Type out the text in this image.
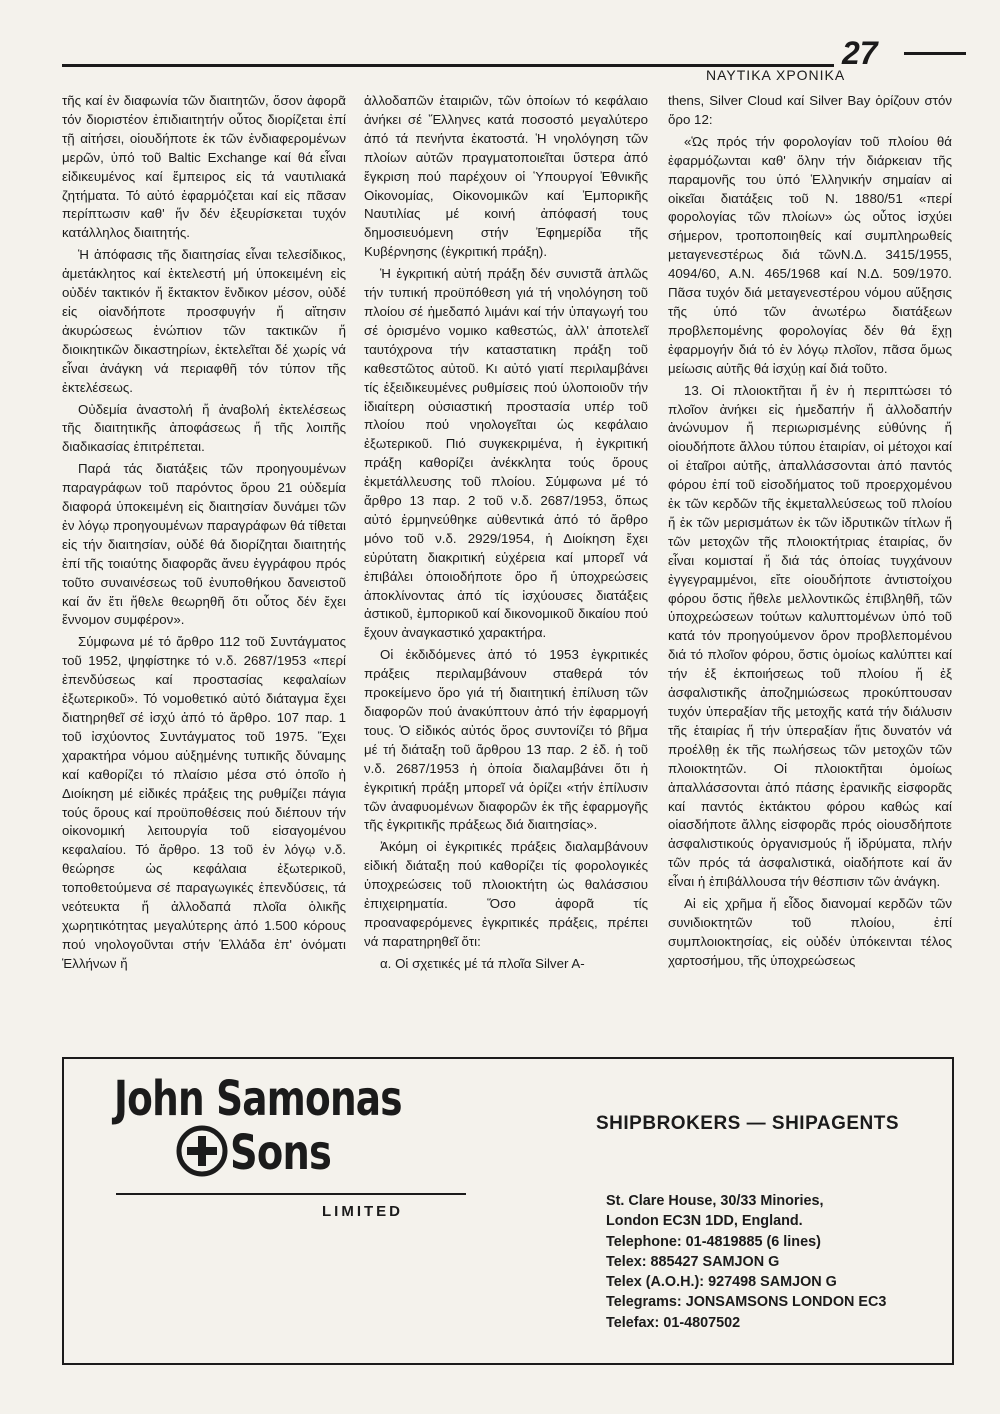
ΝΑΥΤΙΚΑ ΧΡΟΝΙΚΑ
27

τῆς καί ἐν διαφωνία τῶν διαιτητῶν, ὅσον ἀφορᾶ τόν διοριστέον ἐπιδιαιτητήν οὗτος διορίζεται ἐπί τῇ αἰτήσει, οἱουδήποτε ἐκ τῶν ἐνδιαφερομένων μερῶν, ὑπό τοῦ Baltic Exchange καί θά εἶναι εἰδικευμένος καί ἔμπειρος εἰς τά ναυτιλιακά ζητήματα. Τό αὐτό ἐφαρμόζεται καί εἰς πᾶσαν περίπτωσιν καθ' ἥν δέν ἐξευρίσκεται τυχόν κατάλληλος διαιτητής.

Ἡ ἀπόφασις τῆς διαιτησίας εἶναι τελεσίδικος, ἀμετάκλητος καί ἐκτελεστή μή ὑποκειμένη εἰς οὐδέν τακτικόν ἤ ἔκτακτον ἔνδικον μέσον, οὐδέ εἰς οἱανδήποτε προσφυγήν ἤ αἴτησιν ἀκυρώσεως ἐνώπιον τῶν τακτικῶν ἤ διοικητικῶν δικαστηρίων, ἐκτελεῖται δέ χωρίς νά εἶναι ἀνάγκη νά περιαφθῆ τόν τύπον τῆς ἐκτελέσεως.

Οὐδεμία ἀναστολή ἤ ἀναβολή ἐκτελέσεως τῆς διαιτητικῆς ἀποφάσεως ἤ τῆς λοιπῆς διαδικασίας ἐπιτρέπεται.

Παρά τάς διατάξεις τῶν προηγουμένων παραγράφων τοῦ παρόντος ὅρου 21 οὐδεμία διαφορά ὑποκειμένη εἰς διαιτησίαν δυνάμει τῶν ἐν λόγῳ προηγουμένων παραγράφων θά τίθεται εἰς τήν διαιτησίαν, οὐδέ θά διορίζηται διαιτητής ἐπί τῆς τοιαύτης διαφορᾶς ἄνευ ἐγγράφου πρός τοῦτο συναινέσεως τοῦ ἐνυποθήκου δανειστοῦ καί ἄν ἔτι ἤθελε θεωρηθῆ ὅτι οὗτος δέν ἔχει ἔννομον συμφέρον».

Σύμφωνα μέ τό ἄρθρο 112 τοῦ Συντάγματος τοῦ 1952, ψηφίστηκε τό ν.δ. 2687/1953 «περί ἐπενδύσεως καί προστασίας κεφαλαίων ἐξωτερικοῦ». Τό νομοθετικό αὐτό διάταγμα ἔχει διατηρηθεῖ σέ ἰσχύ ἀπό τό ἄρθρο. 107 παρ. 1 τοῦ ἰσχύοντος Συντάγματος τοῦ 1975. Ἔχει χαρακτήρα νόμου αὐξημένης τυπικῆς δύναμης καί καθορίζει τό πλαίσιο μέσα στό ὁποῖο ἡ Διοίκηση μέ εἰδικές πράξεις της ρυθμίζει πάγια τούς ὅρους καί προϋποθέσεις πού διέπουν τήν οἰκονομική λειτουργία τοῦ εἰσαγομένου κεφαλαίου. Τό ἄρθρο. 13 τοῦ ἐν λόγῳ ν.δ. θεώρησε ὡς κεφάλαια ἐξωτερικοῦ, τοποθετούμενα σέ παραγωγικές ἐπενδύσεις, τά νεότευκτα ἤ ἀλλοδαπά πλοῖα ὁλικῆς χωρητικότητας μεγαλύτερης ἀπό 1.500 κόρους πού νηολογοῦνται στήν Ἑλλάδα ἐπ' ὀνόματι Ἑλλήνων ἤ

ἀλλοδαπῶν ἑταιριῶν, τῶν ὁποίων τό κεφάλαιο ἀνήκει σέ Ἕλληνες κατά ποσοστό μεγαλύτερο ἀπό τά πενήντα ἑκατοστά. Ἡ νηολόγηση τῶν πλοίων αὐτῶν πραγματοποιεῖται ὕστερα ἀπό ἔγκριση πού παρέχουν οἱ Ὑπουργοί Ἐθνικῆς Οἰκονομίας, Οἰκονομικῶν καί Ἐμπορικῆς Ναυτιλίας μέ κοινή ἀπόφασή τους δημοσιευόμενη στήν Ἐφημερίδα τῆς Κυβέρνησης (ἐγκριτική πράξη).

Ἡ ἐγκριτική αὐτή πράξη δέν συνιστᾶ ἁπλῶς τήν τυπική προϋπόθεση γιά τή νηολόγηση τοῦ πλοίου σέ ἡμεδαπό λιμάνι καί τήν ὑπαγωγή του σέ ὁρισμένο νομικο καθεστώς, ἀλλ' ἀποτελεῖ ταυτόχρονα τήν καταστατικη πράξη τοῦ καθεστῶτος αὐτοῦ. Κι αὐτό γιατί περιλαμβάνει τίς ἐξειδικευμένες ρυθμίσεις πού ὑλοποιοῦν τήν ἰδιαίτερη οὐσιαστική προστασία υπέρ τοῦ πλοίου πού νηολογεῖται ὡς κεφάλαιο ἐξωτερικοῦ. Πιό συγκεκριμένα, ἡ ἐγκριτική πράξη καθορίζει ἀνέκκλητα τούς ὅρους ἐκμετάλλευσης τοῦ πλοίου. Σύμφωνα μέ τό ἄρθρο 13 παρ. 2 τοῦ ν.δ. 2687/1953, ὅπως αὐτό ἑρμηνεύθηκε αὐθεντικά ἀπό τό ἄρθρο μόνο τοῦ ν.δ. 2929/1954, ἡ Διοίκηση ἔχει εὐρύτατη διακριτική εὐχέρεια καί μπορεῖ νά ἐπιβάλει ὁποιοδήποτε ὅρο ἤ ὑποχρεώσεις ἀποκλίνοντας ἀπό τίς ἰσχύουσες διατάξεις ἀστικοῦ, ἐμπορικοῦ καί δικονομικοῦ δικαίου πού ἔχουν ἀναγκαστικό χαρακτήρα.

Οἱ ἐκδιδόμενες ἀπό τό 1953 ἐγκριτικές πράξεις περιλαμβάνουν σταθερά τόν προκείμενο ὅρο γιά τή διαιτητική ἐπίλυση τῶν διαφορῶν πού ἀνακύπτουν ἀπό τήν ἐφαρμογή τους. Ὁ εἰδικός αὐτός ὅρος συντονίζει τό βῆμα μέ τή διάταξη τοῦ ἄρθρου 13 παρ. 2 ἐδ. ἡ τοῦ ν.δ. 2687/1953 ἡ ὁποία διαλαμβάνει ὅτι ἡ ἐγκριτική πράξη μπορεῖ νά ὁρίζει «τήν ἐπίλυσιν τῶν ἀναφυομένων διαφορῶν ἐκ τῆς ἐφαρμογῆς τῆς ἐγκριτικῆς πράξεως διά διαιτησίας».

Ἀκόμη οἱ ἐγκριτικές πράξεις διαλαμβάνουν εἰδική διάταξη πού καθορίζει τίς φορολογικές ὑποχρεώσεις τοῦ πλοιοκτήτη ὡς θαλάσσιου ἐπιχειρηματία. Ὅσο ἀφορᾶ τίς προαναφερόμενες ἐγκριτικές πράξεις, πρέπει νά παρατηρηθεῖ ὅτι:

α. Οἱ σχετικές μέ τά πλοῖα Silver A-

thens, Silver Cloud καί Silver Bay ὁρίζουν στόν ὅρο 12:

«Ὡς πρός τήν φορολογίαν τοῦ πλοίου θά ἐφαρμόζωνται καθ' ὅλην τήν διάρκειαν τῆς παραμονῆς του ὑπό Ἑλληνικήν σημαίαν αἱ οἰκεῖαι διατάξεις τοῦ Ν. 1880/51 «περί φορολογίας τῶν πλοίων» ὡς οὗτος ἰσχύει σήμερον, τροποποιηθείς καί συμπληρωθείς μεταγενεστέρως διά τῶνΝ.Δ. 3415/1955, 4094/60, Α.Ν. 465/1968 καί Ν.Δ. 509/1970. Πᾶσα τυχόν διά μεταγενεστέρου νόμου αὔξησις τῆς ὑπό τῶν ἀνωτέρω διατάξεων προβλεπομένης φορολογίας δέν θά ἔχῃ ἐφαρμογήν διά τό ἐν λόγῳ πλοῖον, πᾶσα ὅμως μείωσις αὐτῆς θά ἰσχύῃ καί διά τοῦτο.

13. Οἱ πλοιοκτῆται ἤ ἐν ἡ περιπτώσει τό πλοῖον ἀνήκει εἰς ἡμεδαπήν ἤ ἀλλοδαπήν ἀνώνυμον ἤ περιωρισμένης εὐθύνης ἤ οἱουδήποτε ἄλλου τύπου ἑταιρίαν, οἱ μέτοχοι καί οἱ ἑταῖροι αὐτῆς, ἀπαλλάσσονται ἀπό παντός φόρου ἐπί τοῦ εἰσοδήματος τοῦ προερχομένου ἐκ τῶν κερδῶν τῆς ἐκμεταλλεύσεως τοῦ πλοίου ἤ ἐκ τῶν μερισμάτων ἐκ τῶν ἰδρυτικῶν τίτλων ἤ τῶν μετοχῶν τῆς πλοιοκτήτριας ἑταιρίας, ὅν εἶναι κομισταί ἤ διά τάς ὁποίας τυγχάνουν ἐγγεγραμμένοι, εἴτε οἱουδήποτε ἀντιστοίχου φόρου ὅστις ἤθελε μελλοντικῶς ἐπιβληθῆ, τῶν ὑποχρεώσεων τούτων καλυπτομένων ὑπό τοῦ κατά τόν προηγούμενον ὅρον προβλεπομένου διά τό πλοῖον φόρου, ὅστις ὁμοίως καλύπτει καί τήν ἐξ ἐκποιήσεως τοῦ πλοίου ἤ ἐξ ἀσφαλιστικῆς ἀποζημιώσεως προκύπτουσαν τυχόν ὑπεραξίαν τῆς μετοχῆς κατά τήν διάλυσιν τῆς ἑταιρίας ἤ τήν ὑπεραξίαν ἥτις δυνατόν νά προέλθῃ ἐκ τῆς πωλήσεως τῶν μετοχῶν τῶν πλοιοκτητῶν. Οἱ πλοιοκτῆται ὁμοίως ἀπαλλάσσονται ἀπό πάσης ἐρανικῆς εἰσφορᾶς καί παντός ἐκτάκτου φόρου καθώς καί οἱασδήποτε ἄλλης εἰσφορᾶς πρός οἱουσδήποτε ἀσφαλιστικούς ὀργανισμούς ἤ ἱδρύματα, πλήν τῶν πρός τά ἀσφαλιστικά, οἱαδήποτε καί ἄν εἶναι ἡ ἐπιβάλλουσα τήν θέσπισιν τῶν ἀνάγκη.

Αἱ εἰς χρῆμα ἤ εἶδος διανομαί κερδῶν τῶν συνιδιοκτητῶν τοῦ πλοίου, ἐπί συμπλοιοκτησίας, εἰς οὐδέν ὑπόκεινται τέλος χαρτοσήμου, τῆς ὑποχρεώσεως

John Samonas
Sons
LIMITED
SHIPBROKERS — SHIPAGENTS
St. Clare House, 30/33 Minories,
London EC3N 1DD, England.
Telephone: 01-4819885 (6 lines)
Telex: 885427 SAMJON G
Telex (A.O.H.): 927498 SAMJON G
Telegrams: JONSAMSONS LONDON EC3
Telefax: 01-4807502
